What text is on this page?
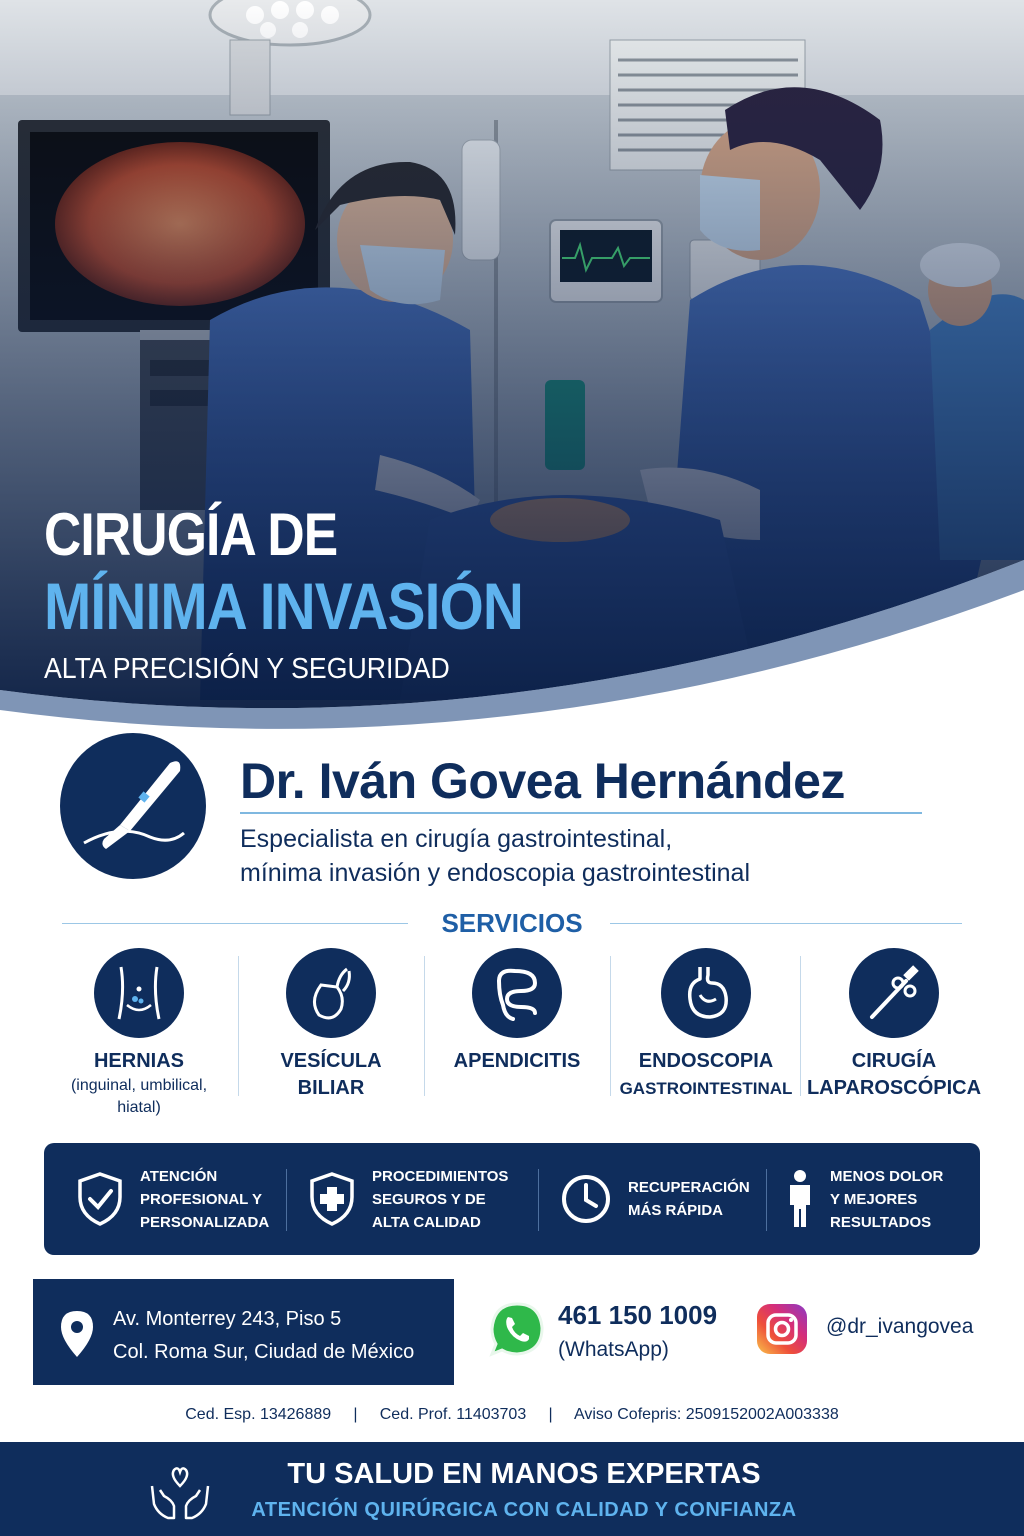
CIRUGÍA DE
MÍNIMA INVASIÓN
ALTA PRECISIÓN Y SEGURIDAD
Dr. Iván Govea Hernández
Especialista en cirugía gastrointestinal,
mínima invasión y endoscopia gastrointestinal
SERVICIOS
HERNIAS
(inguinal, umbilical,
hiatal)
VESÍCULA
BILIAR
APENDICITIS	ENDOSCOPIA
GASTROINTESTINAL
CIRUGÍA
LAPAROSCÓPICA
ATENCIÓN
PROFESIONAL Y
PERSONALIZADA
PROCEDIMIENTOS
SEGUROS Y DE
ALTA CALIDAD
RECUPERACIÓN
MÁS RÁPIDA
MENOS DOLOR
Y MEJORES
RESULTADOS
Av. Monterrey 243, Piso 5
Col. Roma Sur, Ciudad de México
461 150 1009
(WhatsApp)
@dr_ivangovea
Ced. Esp. 13426889     |     Ced. Prof. 11403703     |     Aviso Cofepris: 2509152002A003338
TU SALUD EN MANOS EXPERTAS
ATENCIÓN QUIRÚRGICA CON CALIDAD Y CONFIANZA
